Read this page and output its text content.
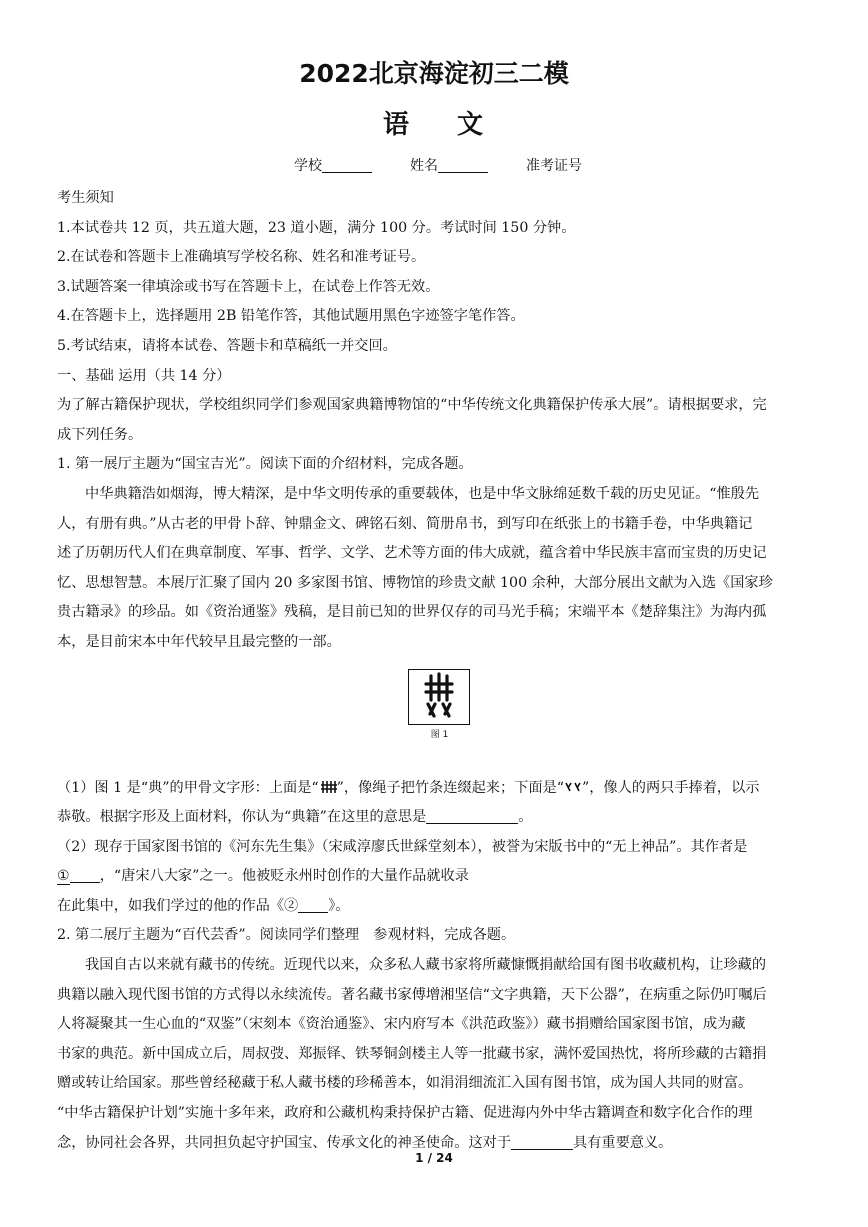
2022北京海淀初三二模
语 文
学校	姓名	准考证号
考生须知
1.本试卷共 12 页，共五道大题，23 道小题，满分 100 分。考试时间 150 分钟。
2.在试卷和答题卡上准确填写学校名称、姓名和准考证号。
3.试题答案一律填涂或书写在答题卡上，在试卷上作答无效。
4.在答题卡上，选择题用 2B 铅笔作答，其他试题用黑色字迹签字笔作答。
5.考试结束，请将本试卷、答题卡和草稿纸一并交回。
一、基础 运用（共 14 分）
为了解古籍保护现状，学校组织同学们参观国家典籍博物馆的“中华传统文化典籍保护传承大展”。请根据要求，完
成下列任务。
1. 第一展厅主题为“国宝吉光”。阅读下面的介绍材料，完成各题。
中华典籍浩如烟海，博大精深，是中华文明传承的重要载体，也是中华文脉绵延数千载的历史见证。“惟殷先
人，有册有典。”从古老的甲骨卜辞、钟鼎金文、碑铭石刻、简册帛书，到写印在纸张上的书籍手卷，中华典籍记
述了历朝历代人们在典章制度、军事、哲学、文学、艺术等方面的伟大成就，蕴含着中华民族丰富而宝贵的历史记
忆、思想智慧。本展厅汇聚了国内 20 多家图书馆、博物馆的珍贵文献 100 余种，大部分展出文献为入选《国家珍
贵古籍录》的珍品。如《资治通鉴》残稿，是目前已知的世界仅存的司马光手稿；宋端平本《楚辞集注》为海内孤
本，是目前宋本中年代较早且最完整的一部。
（1）图 1 是“典”的甲骨文字形：上面是“ ”，像绳子把竹条连缀起来；下面是“ ”，像人的两只手捧着，以示
恭敬。根据字形及上面材料，你认为“典籍”在这里的意思是	。
（2）现存于国家图书馆的《河东先生集》（宋咸淳廖氏世綵堂刻本），被誉为宋版书中的“无上神品”。其作者是
① ，“唐宋八大家”之一。他被贬永州时创作的大量作品就收录
在此集中，如我们学过的他的作品《② 》。
2. 第二展厅主题为“百代芸香”。阅读同学们整理　参观材料，完成各题。
我国自古以来就有藏书的传统。近现代以来，众多私人藏书家将所藏慷慨捐献给国有图书收藏机构，让珍藏的
典籍以融入现代图书馆的方式得以永续流传。著名藏书家傅增湘坚信“文字典籍，天下公器”，在病重之际仍叮嘱后
人将凝聚其一生心血的“双鉴”（宋刻本《资治通鉴》、宋内府写本《洪范政鉴》）藏书捐赠给国家图书馆，成为藏
书家的典范。新中国成立后，周叔弢、郑振铎、铁琴铜剑楼主人等一批藏书家，满怀爱国热忱，将所珍藏的古籍捐
赠或转让给国家。那些曾经秘藏于私人藏书楼的珍稀善本，如涓涓细流汇入国有图书馆，成为国人共同的财富。
“中华古籍保护计划”实施十多年来，政府和公藏机构秉持保护古籍、促进海内外中华古籍调查和数字化合作的理
念，协同社会各界，共同担负起守护国宝、传承文化的神圣使命。这对于	具有重要意义。
图 1
1 / 24
